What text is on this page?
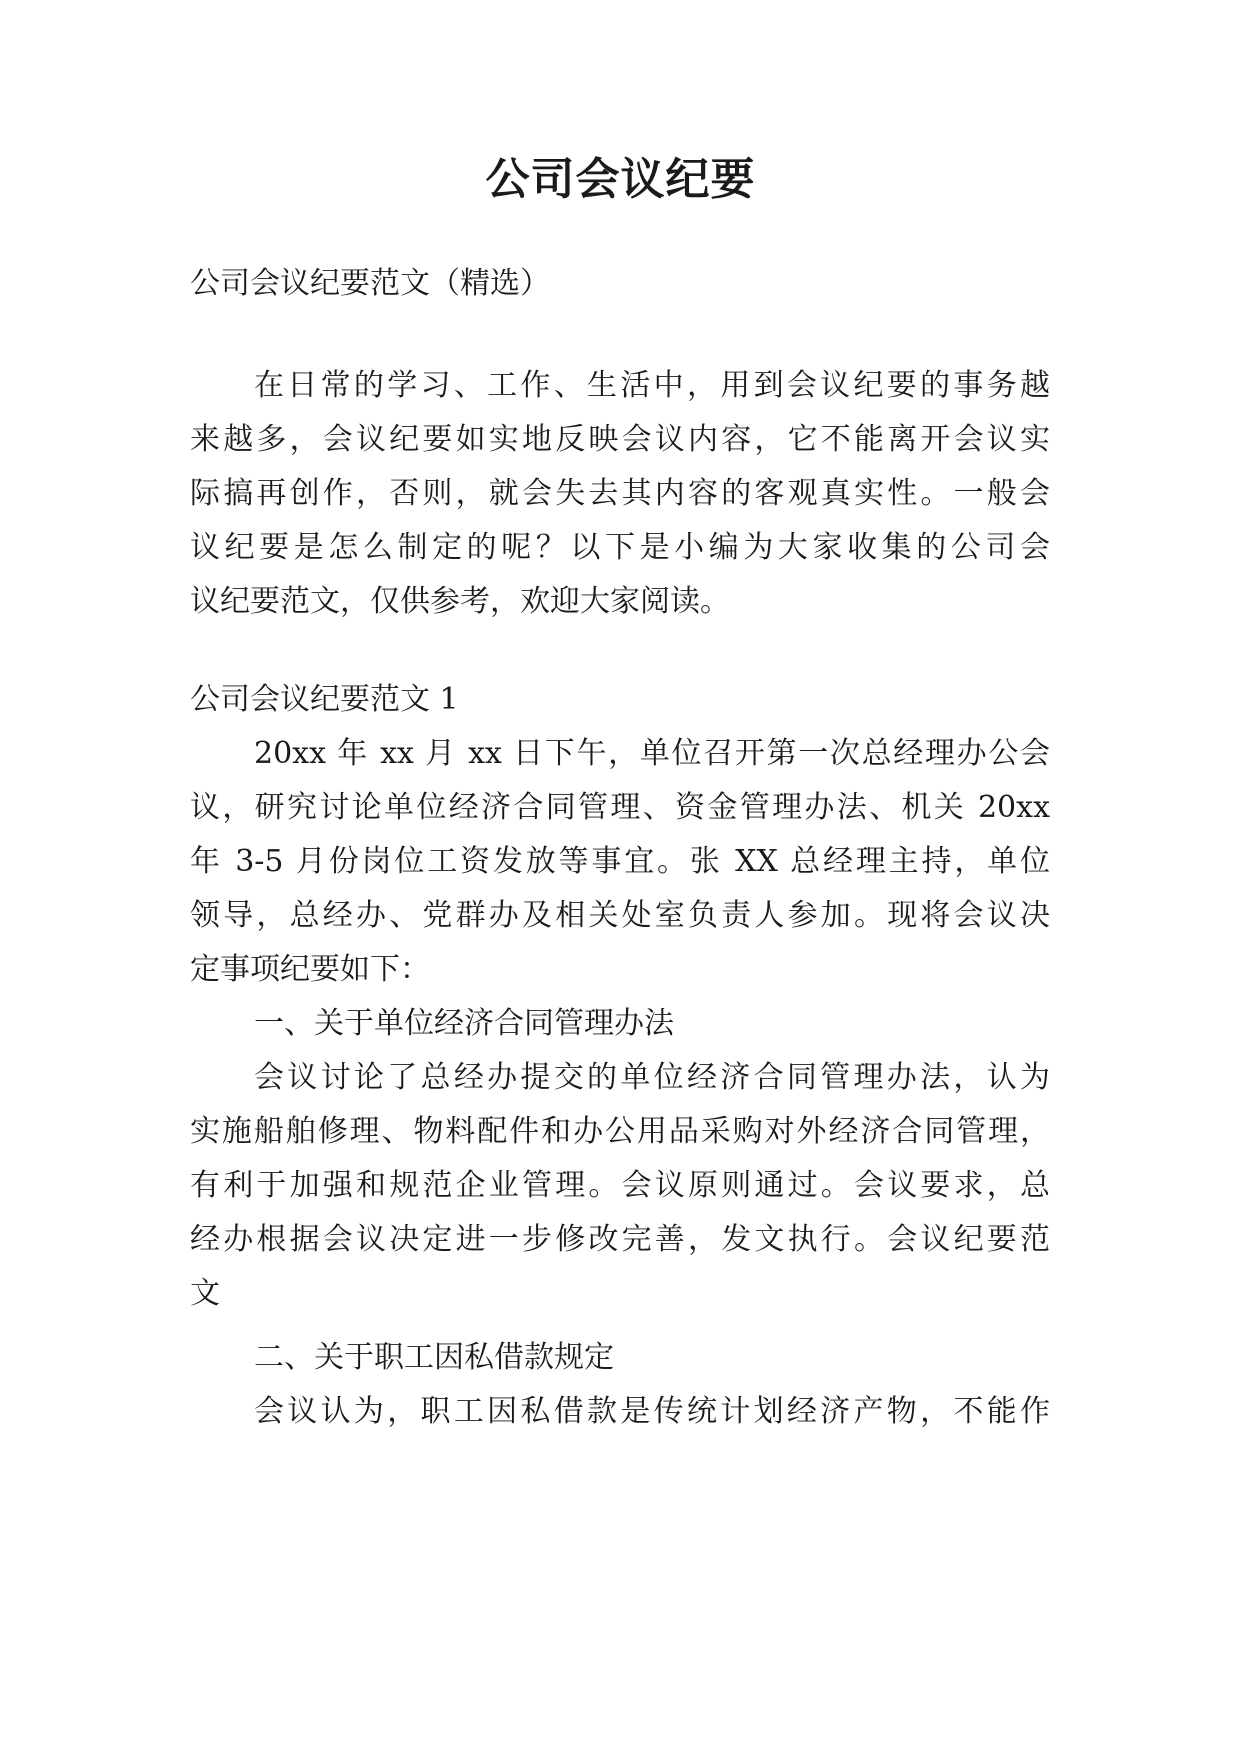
公司会议纪要
公司会议纪要范文（精选）
在日常的学习、工作、生活中，用到会议纪要的事务越
来越多，会议纪要如实地反映会议内容，它不能离开会议实
际搞再创作，否则，就会失去其内容的客观真实性。一般会
议纪要是怎么制定的呢？以下是小编为大家收集的公司会
议纪要范文，仅供参考，欢迎大家阅读。
公司会议纪要范文 1
20xx 年 xx 月 xx 日下午，单位召开第一次总经理办公会
议，研究讨论单位经济合同管理、资金管理办法、机关 20xx
年 3-5 月份岗位工资发放等事宜。张 XX 总经理主持，单位
领导，总经办、党群办及相关处室负责人参加。现将会议决
定事项纪要如下：
一、关于单位经济合同管理办法
会议讨论了总经办提交的单位经济合同管理办法，认为
实施船舶修理、物料配件和办公用品采购对外经济合同管理，
有利于加强和规范企业管理。会议原则通过。会议要求，总
经办根据会议决定进一步修改完善，发文执行。会议纪要范
文
二、关于职工因私借款规定
会议认为，职工因私借款是传统计划经济产物，不能作
